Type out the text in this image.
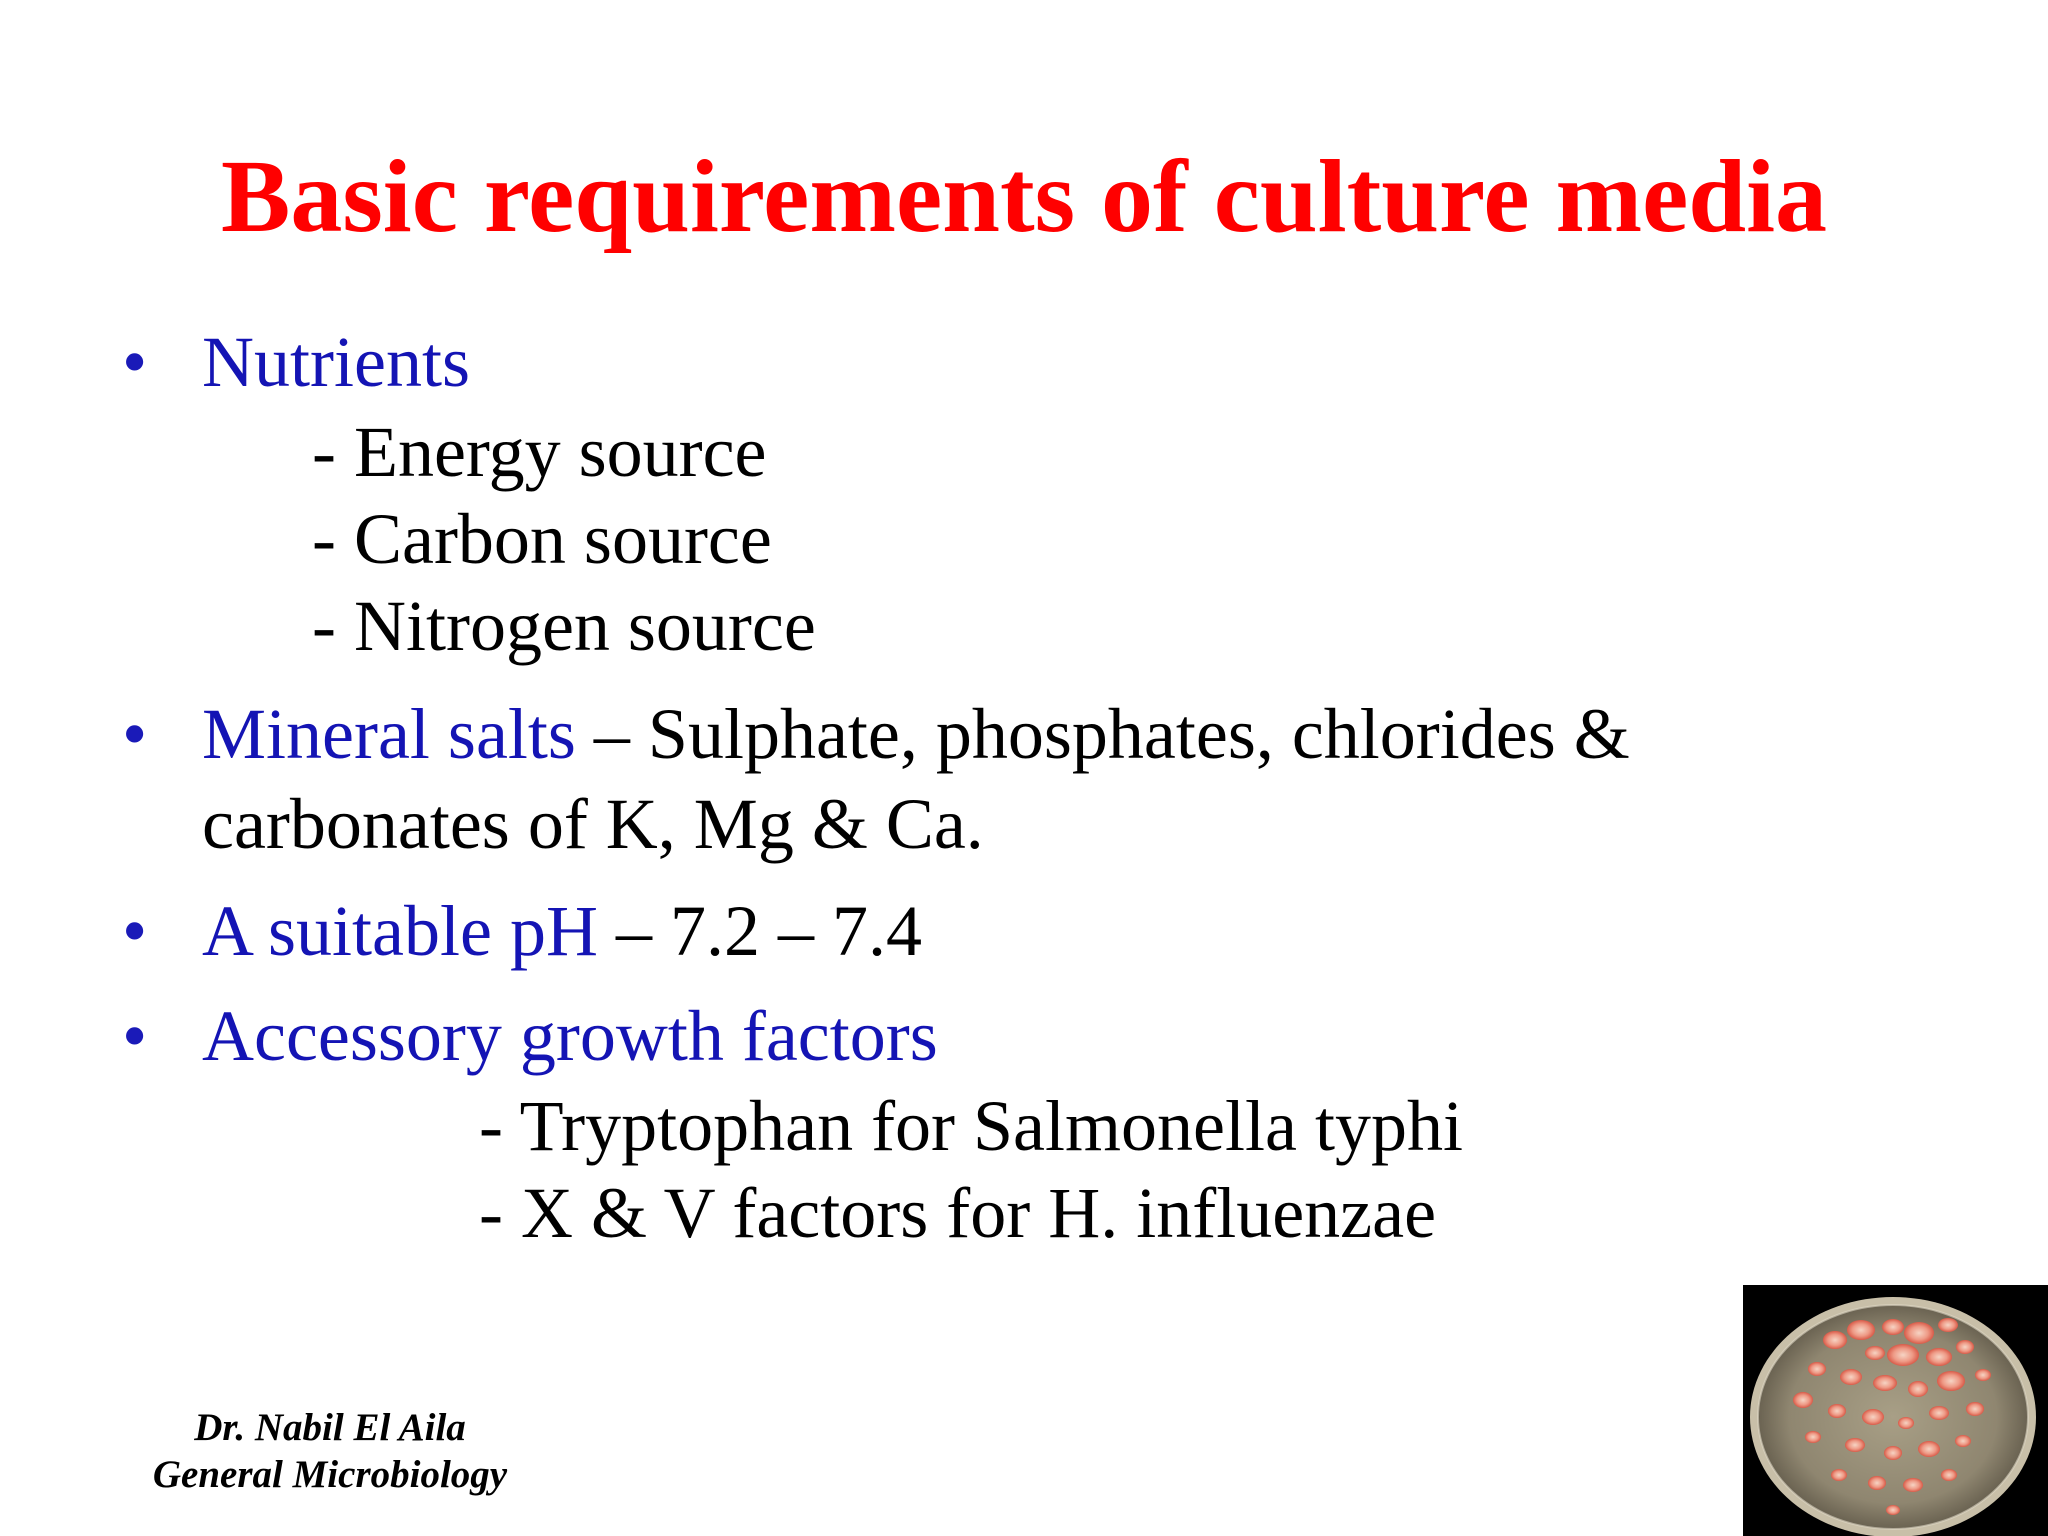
Basic requirements of culture media
• Nutrients
- Energy source
- Carbon source
- Nitrogen source
• Mineral salts – Sulphate, phosphates, chlorides &
carbonates of K, Mg & Ca.
• A suitable pH – 7.2 – 7.4
• Accessory growth factors
- Tryptophan for Salmonella typhi
- X & V factors for H. influenzae
Dr. Nabil El Aila
General Microbiology
